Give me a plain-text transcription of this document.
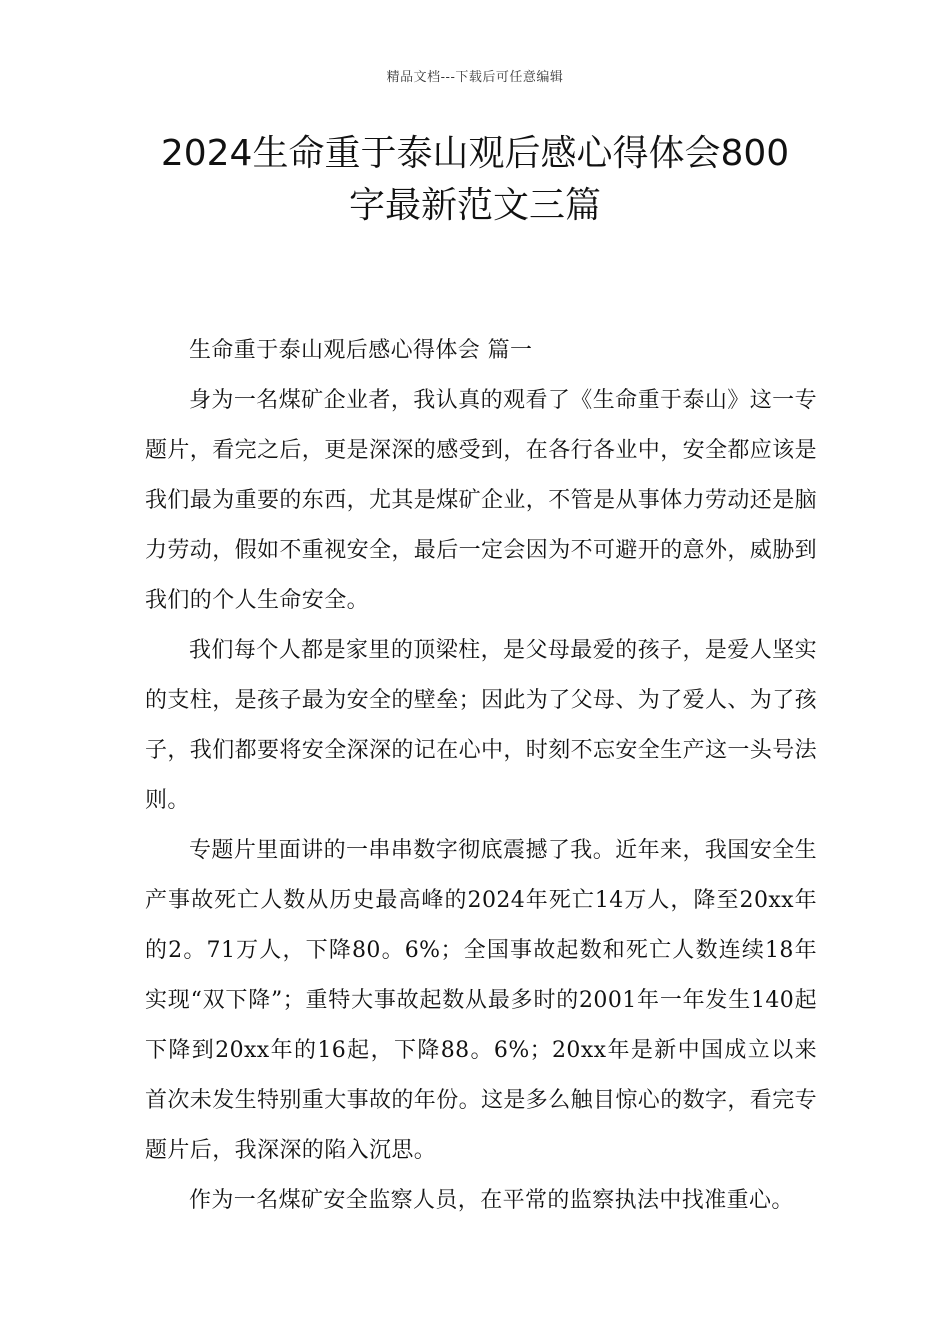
精品文档---下载后可任意编辑
2024生命重于泰山观后感心得体会800
字最新范文三篇

生命重于泰山观后感心得体会 篇一

身为一名煤矿企业者，我认真的观看了《生命重于泰山》这一专题片，看完之后，更是深深的感受到，在各行各业中，安全都应该是我们最为重要的东西，尤其是煤矿企业，不管是从事体力劳动还是脑力劳动，假如不重视安全，最后一定会因为不可避开的意外，威胁到我们的个人生命安全。

我们每个人都是家里的顶梁柱，是父母最爱的孩子，是爱人坚实的支柱，是孩子最为安全的壁垒；因此为了父母、为了爱人、为了孩子，我们都要将安全深深的记在心中，时刻不忘安全生产这一头号法则。

专题片里面讲的一串串数字彻底震撼了我。近年来，我国安全生产事故死亡人数从历史最高峰的2024年死亡14万人，降至20xx年的2。71万人，下降80。6%；全国事故起数和死亡人数连续18年实现“双下降”；重特大事故起数从最多时的2001年一年发生140起下降到20xx年的16起，下降88。6%；20xx年是新中国成立以来首次未发生特别重大事故的年份。这是多么触目惊心的数字，看完专题片后，我深深的陷入沉思。

作为一名煤矿安全监察人员，在平常的监察执法中找准重心。
